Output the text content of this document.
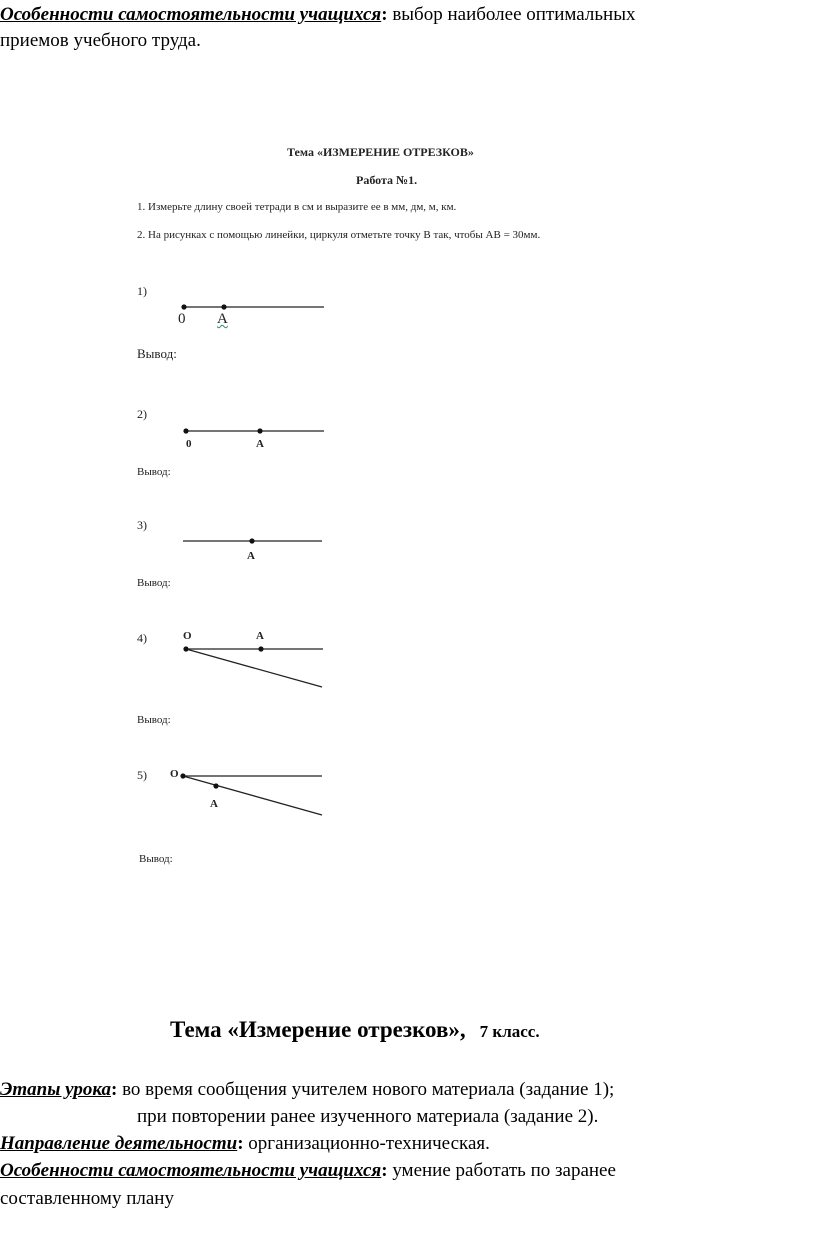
Особенности самостоятельности учащихся: выбор наиболее оптимальных
приемов учебного труда.
Тема «ИЗМЕРЕНИЕ ОТРЕЗКОВ»
Работа №1.
1. Измерьте длину своей тетради в см и выразите ее в мм, дм, м, км.
2. На рисунках с помощью линейки, циркуля отметьте точку В так, чтобы АВ = 30мм.
1)
0 A
Вывод:
2)
0	A
Вывод:
3)
A
Вывод:
4)	O	A
Вывод:
5) O
A
Вывод:
Тема «Измерение отрезков», 7 класс.
Этапы урока: во время сообщения учителем нового материала (задание 1);
при повторении ранее изученного материала (задание 2).
Направление деятельности: организационно-техническая.
Особенности самостоятельности учащихся: умение работать по заранее
составленному плану
